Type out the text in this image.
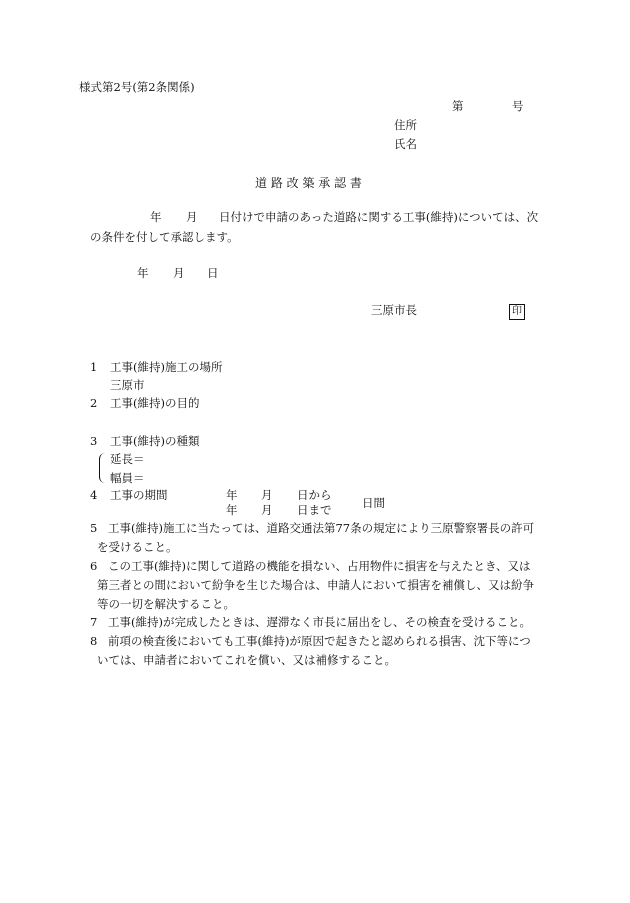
様式第2号(第2条関係)
第	号
住所
氏名
道 路 改 築 承 認 書
年 月 日付けで申請のあった道路に関する工事(維持)については、次
の条件を付して承認します。
年 月 日
三原市長	印
1 工事(維持)施工の場所
三原市
2 工事(維持)の目的
3 工事(維持)の種類
延長＝
幅員＝
4 工事の期間	年 月 日から
年 月 日まで	日間
5 工事(維持)施工に当たっては、道路交通法第77条の規定により三原警察署長の許可
を受けること。
6 この工事(維持)に関して道路の機能を損ない、占用物件に損害を与えたとき、又は
第三者との間において紛争を生じた場合は、申請人において損害を補償し、又は紛争
等の一切を解決すること。
7 工事(維持)が完成したときは、遅滞なく市長に届出をし、その検査を受けること。
8 前項の検査後においても工事(維持)が原因で起きたと認められる損害、沈下等につ
いては、申請者においてこれを償い、又は補修すること。
